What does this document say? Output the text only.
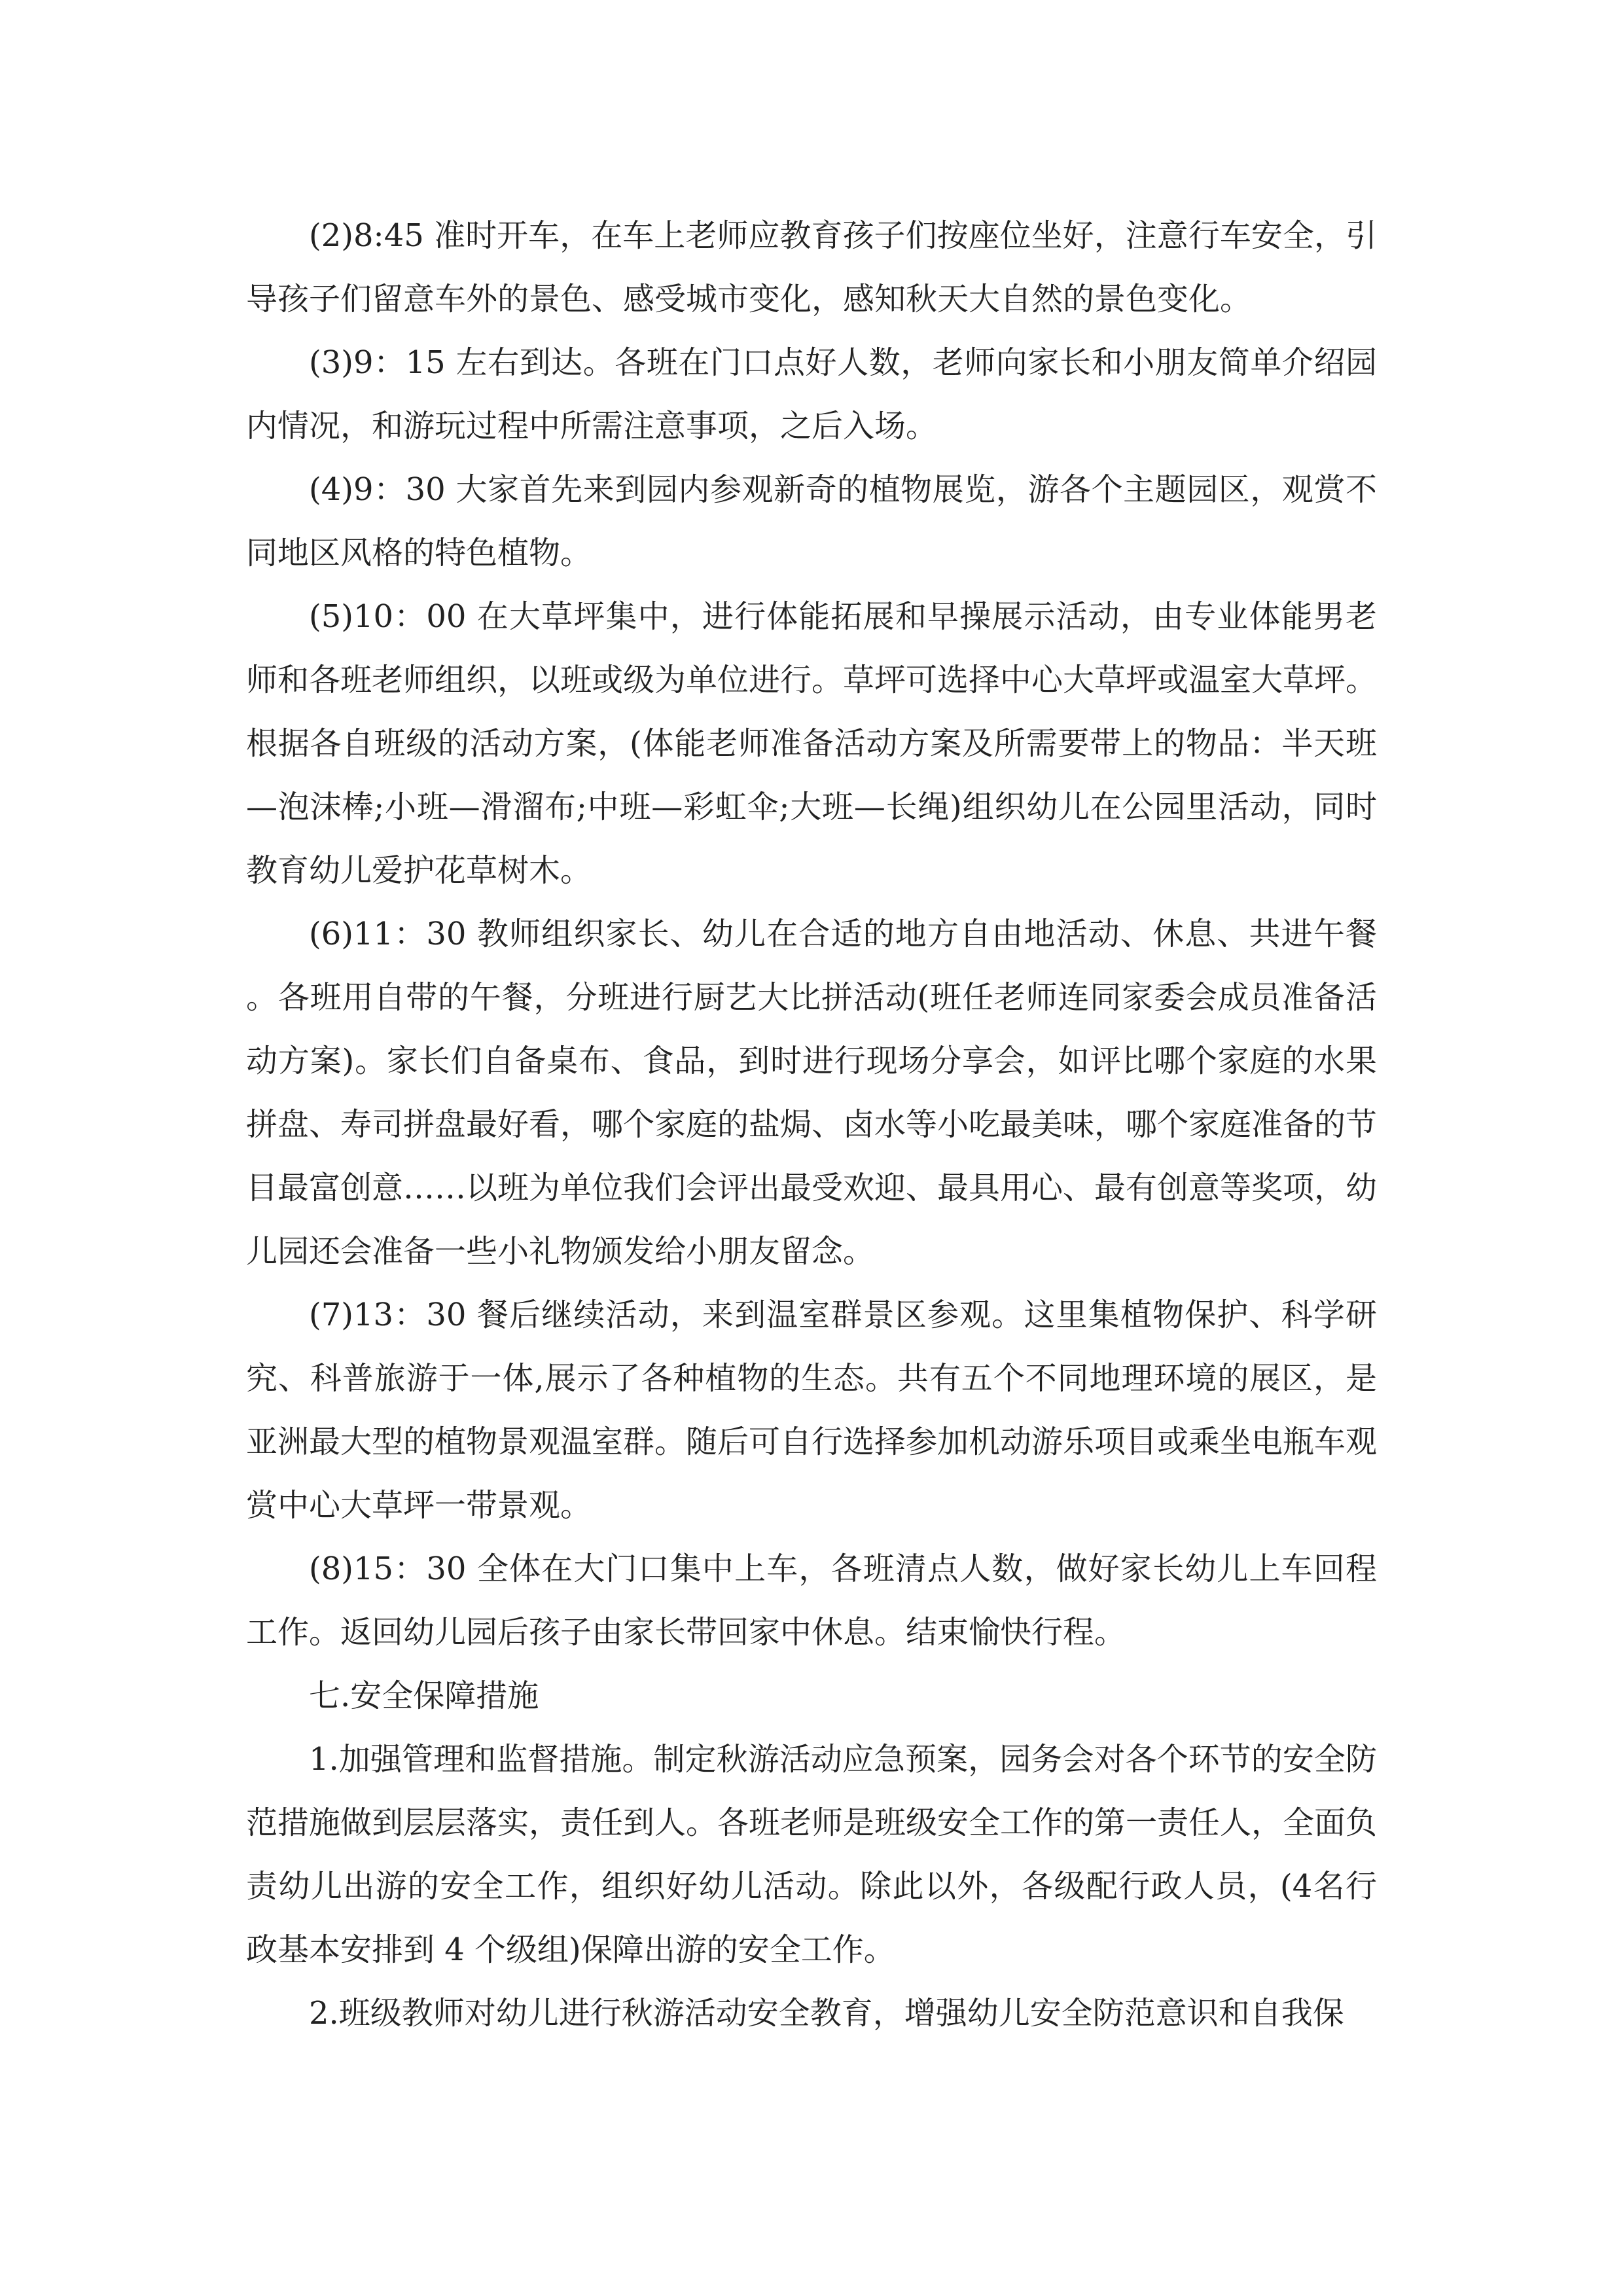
(2)8:45 准时开车，在车上老师应教育孩子们按座位坐好，注意行车安全，引导孩子们留意车外的景色、感受城市变化，感知秋天大自然的景色变化。

(3)9：15 左右到达。各班在门口点好人数，老师向家长和小朋友简单介绍园内情况，和游玩过程中所需注意事项，之后入场。

(4)9：30 大家首先来到园内参观新奇的植物展览，游各个主题园区，观赏不同地区风格的特色植物。

(5)10：00 在大草坪集中，进行体能拓展和早操展示活动，由专业体能男老师和各班老师组织，以班或级为单位进行。草坪可选择中心大草坪或温室大草坪。根据各自班级的活动方案，(体能老师准备活动方案及所需要带上的物品：半天班—泡沫棒;小班—滑溜布;中班—彩虹伞;大班—长绳)组织幼儿在公园里活动，同时教育幼儿爱护花草树木。

(6)11：30 教师组织家长、幼儿在合适的地方自由地活动、休息、共进午餐。各班用自带的午餐，分班进行厨艺大比拼活动(班任老师连同家委会成员准备活动方案)。家长们自备桌布、食品，到时进行现场分享会，如评比哪个家庭的水果拼盘、寿司拼盘最好看，哪个家庭的盐焗、卤水等小吃最美味，哪个家庭准备的节目最富创意……以班为单位我们会评出最受欢迎、最具用心、最有创意等奖项，幼儿园还会准备一些小礼物颁发给小朋友留念。

(7)13：30 餐后继续活动，来到温室群景区参观。这里集植物保护、科学研究、科普旅游于一体,展示了各种植物的生态。共有五个不同地理环境的展区，是亚洲最大型的植物景观温室群。随后可自行选择参加机动游乐项目或乘坐电瓶车观赏中心大草坪一带景观。

(8)15：30 全体在大门口集中上车，各班清点人数，做好家长幼儿上车回程工作。返回幼儿园后孩子由家长带回家中休息。结束愉快行程。

七.安全保障措施

1.加强管理和监督措施。制定秋游活动应急预案，园务会对各个环节的安全防范措施做到层层落实，责任到人。各班老师是班级安全工作的第一责任人，全面负责幼儿出游的安全工作，组织好幼儿活动。除此以外，各级配行政人员，(4名行政基本安排到 4 个级组)保障出游的安全工作。

2.班级教师对幼儿进行秋游活动安全教育，增强幼儿安全防范意识和自我保
